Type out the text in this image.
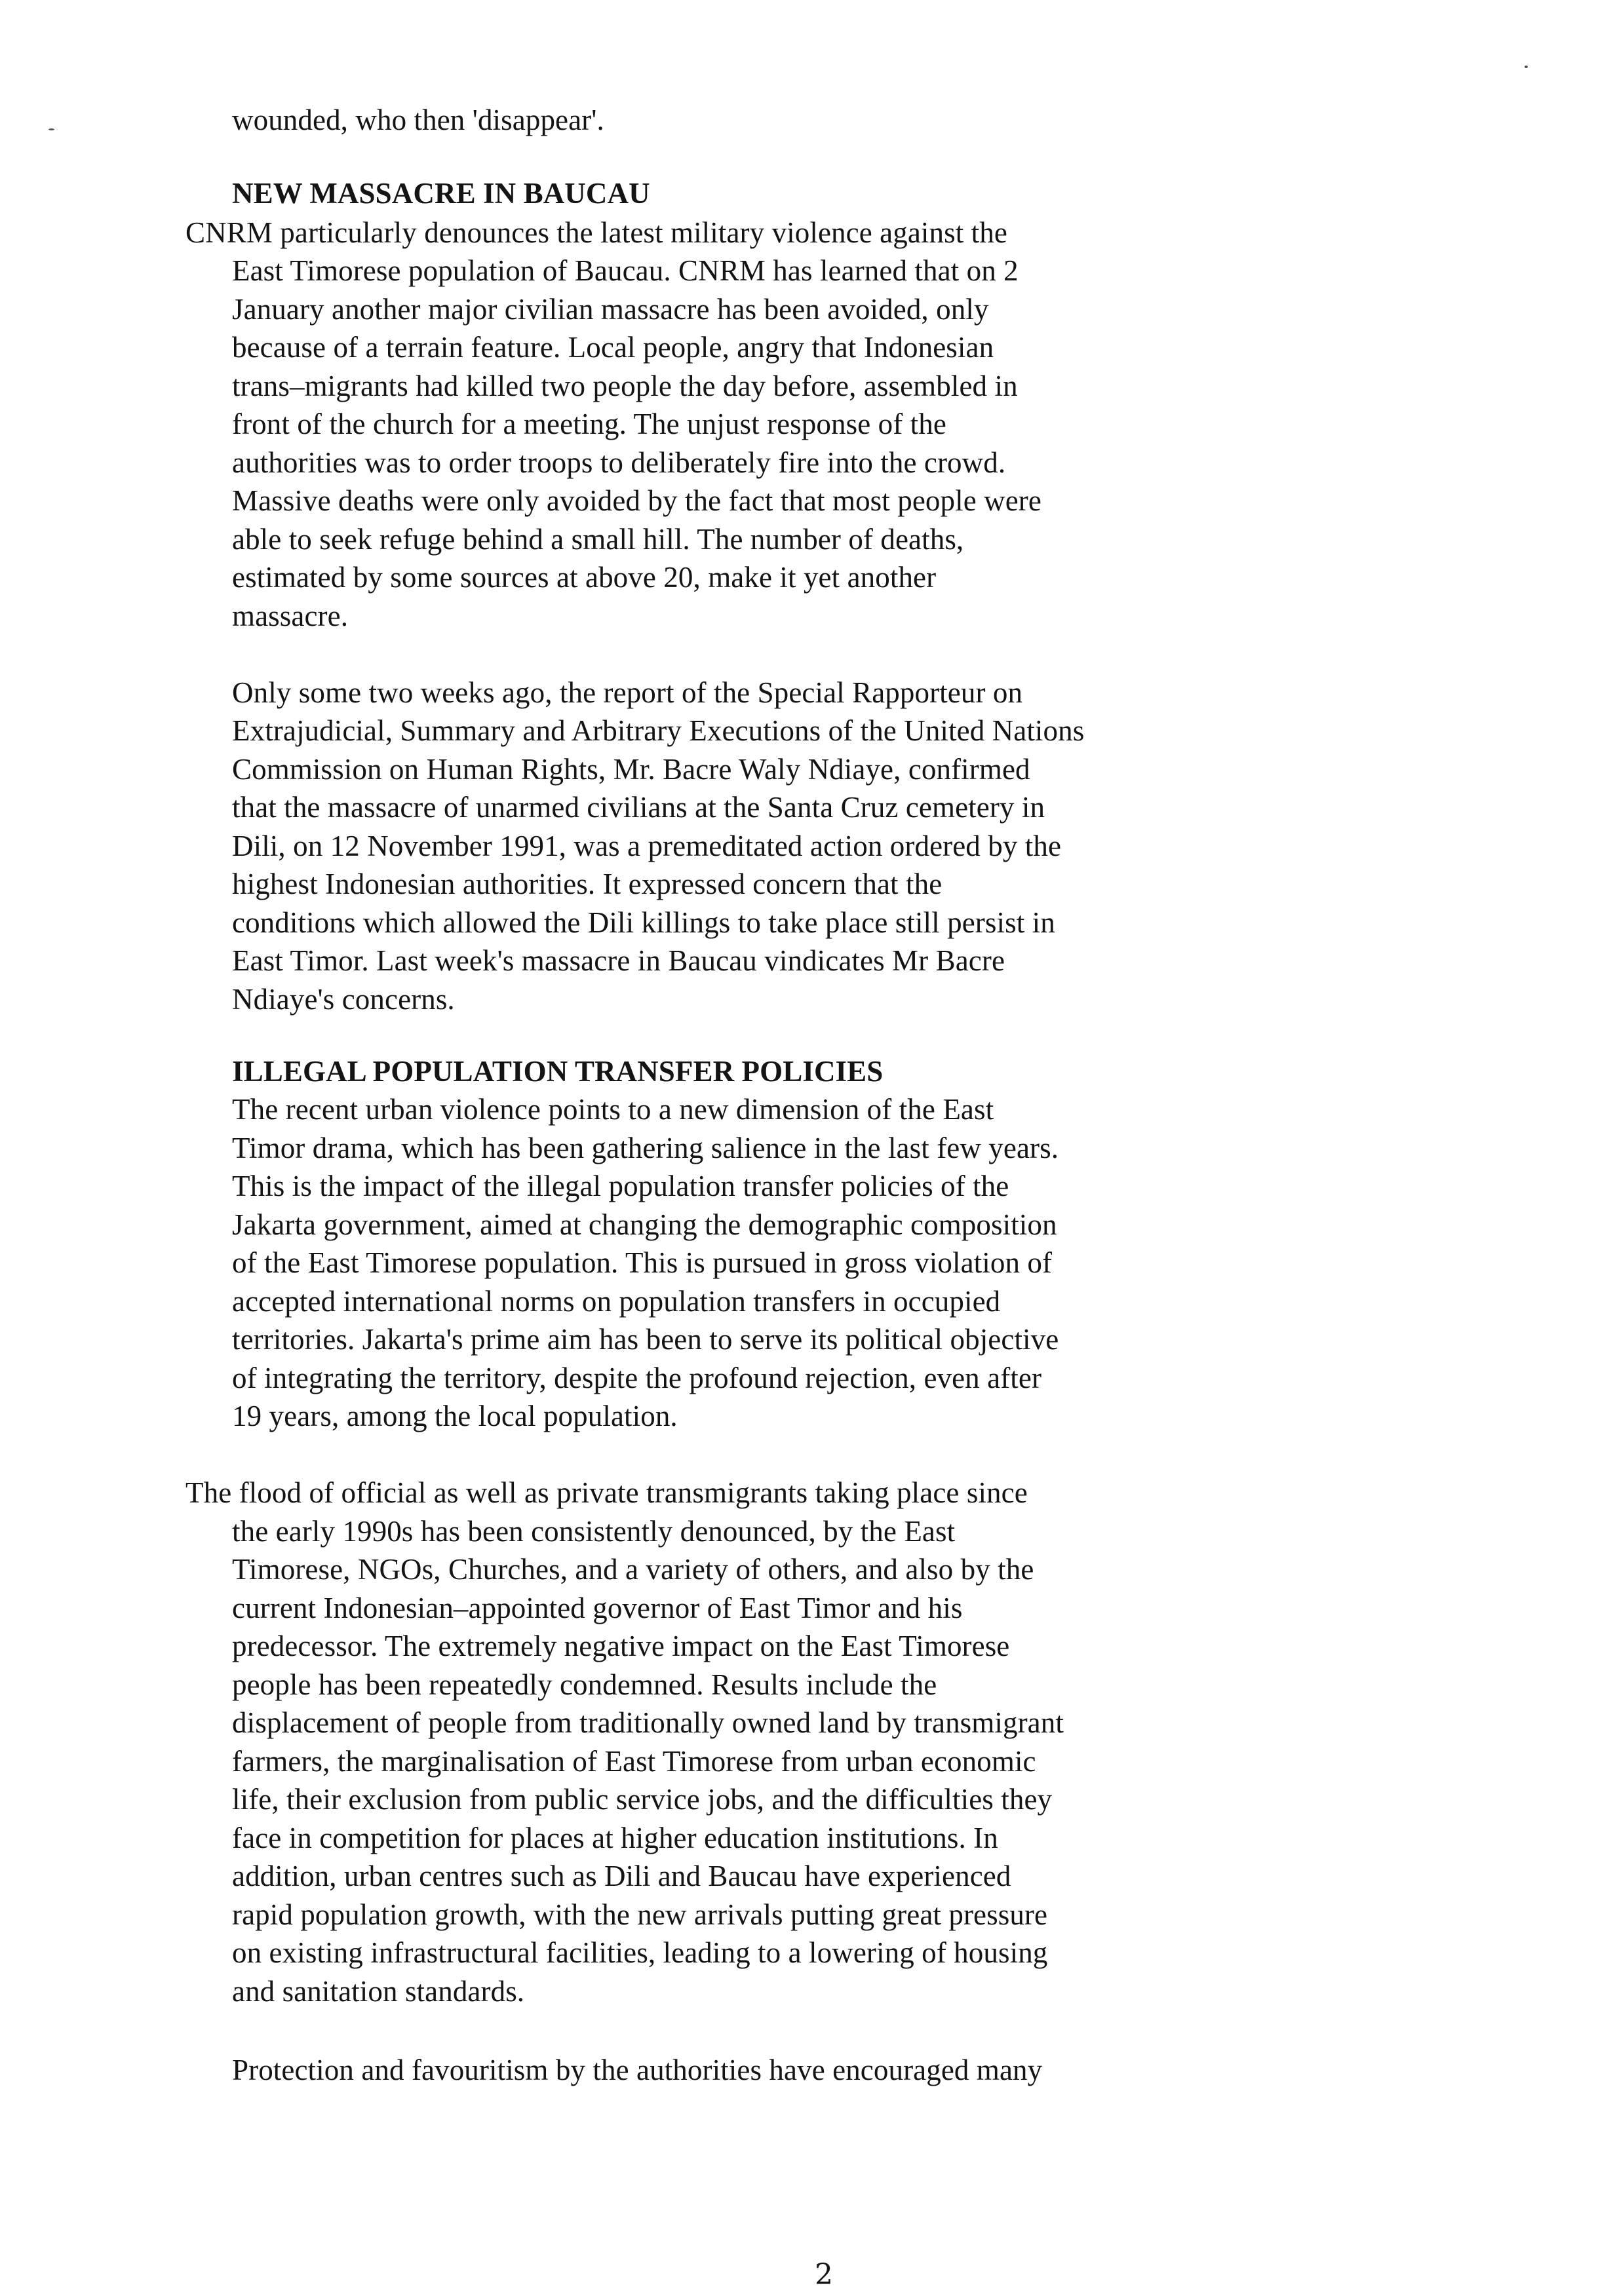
wounded, who then 'disappear'.
NEW MASSACRE IN BAUCAU
CNRM particularly denounces the latest military violence against the
East Timorese population of Baucau. CNRM has learned that on 2
January another major civilian massacre has been avoided, only
because of a terrain feature. Local people, angry that Indonesian
trans–migrants had killed two people the day before, assembled in
front of the church for a meeting. The unjust response of the
authorities was to order troops to deliberately fire into the crowd.
Massive deaths were only avoided by the fact that most people were
able to seek refuge behind a small hill. The number of deaths,
estimated by some sources at above 20, make it yet another
massacre.
Only some two weeks ago, the report of the Special Rapporteur on
Extrajudicial, Summary and Arbitrary Executions of the United Nations
Commission on Human Rights, Mr. Bacre Waly Ndiaye, confirmed
that the massacre of unarmed civilians at the Santa Cruz cemetery in
Dili, on 12 November 1991, was a premeditated action ordered by the
highest Indonesian authorities. It expressed concern that the
conditions which allowed the Dili killings to take place still persist in
East Timor. Last week's massacre in Baucau vindicates Mr Bacre
Ndiaye's concerns.
ILLEGAL POPULATION TRANSFER POLICIES
The recent urban violence points to a new dimension of the East
Timor drama, which has been gathering salience in the last few years.
This is the impact of the illegal population transfer policies of the
Jakarta government, aimed at changing the demographic composition
of the East Timorese population. This is pursued in gross violation of
accepted international norms on population transfers in occupied
territories. Jakarta's prime aim has been to serve its political objective
of integrating the territory, despite the profound rejection, even after
19 years, among the local population.
The flood of official as well as private transmigrants taking place since
the early 1990s has been consistently denounced, by the East
Timorese, NGOs, Churches, and a variety of others, and also by the
current Indonesian–appointed governor of East Timor and his
predecessor. The extremely negative impact on the East Timorese
people has been repeatedly condemned. Results include the
displacement of people from traditionally owned land by transmigrant
farmers, the marginalisation of East Timorese from urban economic
life, their exclusion from public service jobs, and the difficulties they
face in competition for places at higher education institutions. In
addition, urban centres such as Dili and Baucau have experienced
rapid population growth, with the new arrivals putting great pressure
on existing infrastructural facilities, leading to a lowering of housing
and sanitation standards.
Protection and favouritism by the authorities have encouraged many
2
